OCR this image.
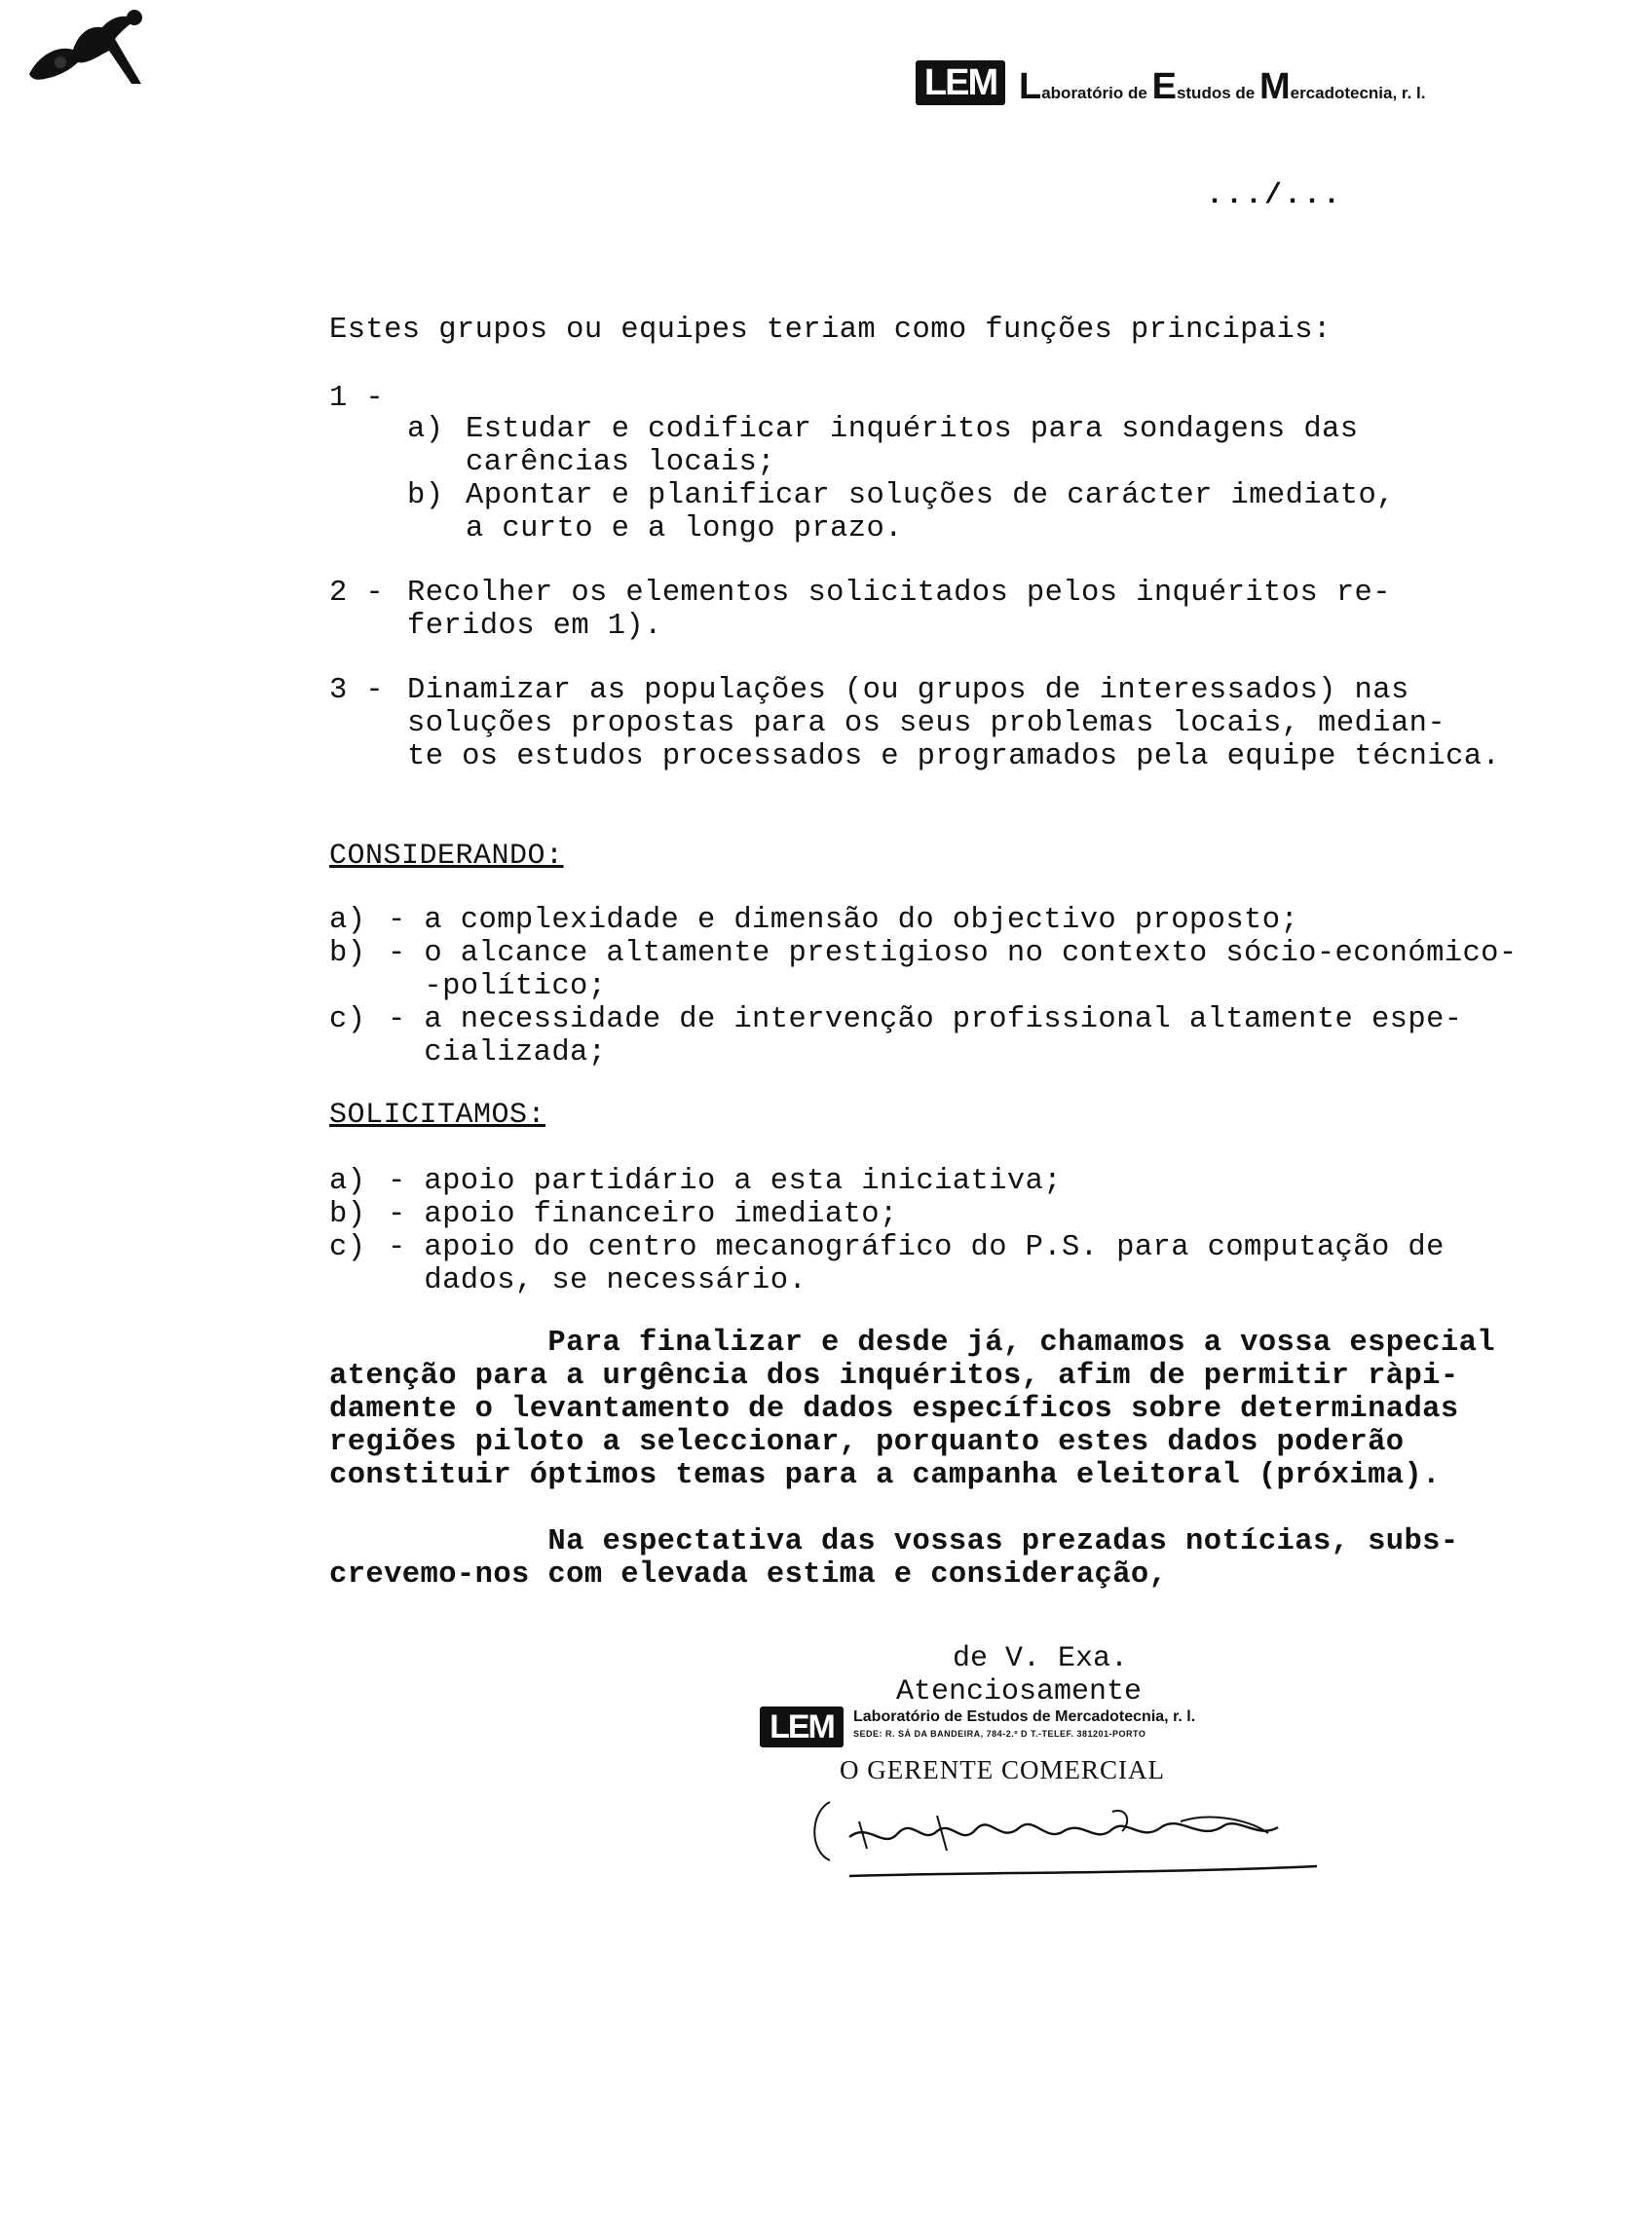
LEM Laboratório de Estudos de Mercadotecnia, r. l.
.../...
Estes grupos ou equipes teriam como funções principais:
1 -
a) Estudar e codificar inquéritos para sondagens das
carências locais;
b) Apontar e planificar soluções de carácter imediato,
a curto e a longo prazo.
2 - Recolher os elementos solicitados pelos inquéritos re-
feridos em 1).
3 - Dinamizar as populações (ou grupos de interessados) nas
soluções propostas para os seus problemas locais, median-
te os estudos processados e programados pela equipe técnica.
CONSIDERANDO:
a) - a complexidade e dimensão do objectivo proposto;
b) - o alcance altamente prestigioso no contexto sócio-económico-
-político;
c) - a necessidade de intervenção profissional altamente espe-
cializada;
SOLICITAMOS:
a) - apoio partidário a esta iniciativa;
b) - apoio financeiro imediato;
c) - apoio do centro mecanográfico do P.S. para computação de
dados, se necessário.
Para finalizar e desde já, chamamos a vossa especial
atenção para a urgência dos inquéritos, afim de permitir ràpi-
damente o levantamento de dados específicos sobre determinadas
regiões piloto a seleccionar, porquanto estes dados poderão
constituir óptimos temas para a campanha eleitoral (próxima).
Na espectativa das vossas prezadas notícias, subs-
crevemo-nos com elevada estima e consideração,
de V. Exa.
Atenciosamente
LEM	Laboratório de Estudos de Mercadotecnia, r. l.
SEDE: R. SÁ DA BANDEIRA, 784-2.º D T.-TELEF. 381201-PORTO
O GERENTE COMERCIAL
